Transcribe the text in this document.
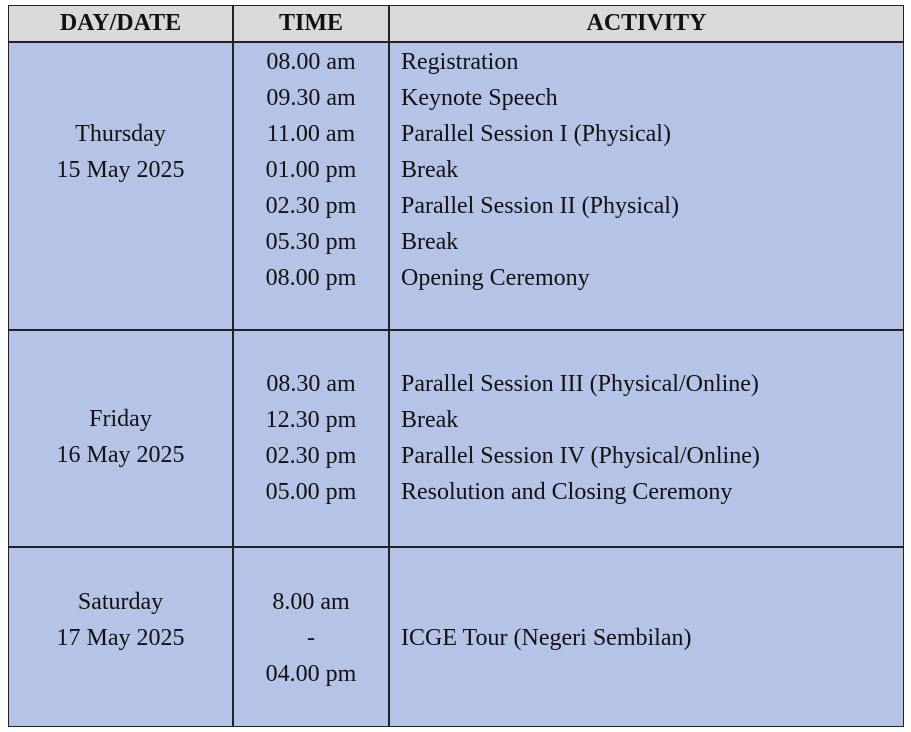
DAY/DATE	TIME	ACTIVITY
Thursday
15 May 2025
08.00 am
09.30 am
11.00 am
01.00 pm
02.30 pm
05.30 pm
08.00 pm
Registration
Keynote Speech
Parallel Session I (Physical)
Break
Parallel Session II (Physical)
Break
Opening Ceremony
Friday
16 May 2025
08.30 am
12.30 pm
02.30 pm
05.00 pm
Parallel Session III (Physical/Online)
Break
Parallel Session IV (Physical/Online)
Resolution and Closing Ceremony
Saturday
17 May 2025
8.00 am
-
04.00 pm
ICGE Tour (Negeri Sembilan)
